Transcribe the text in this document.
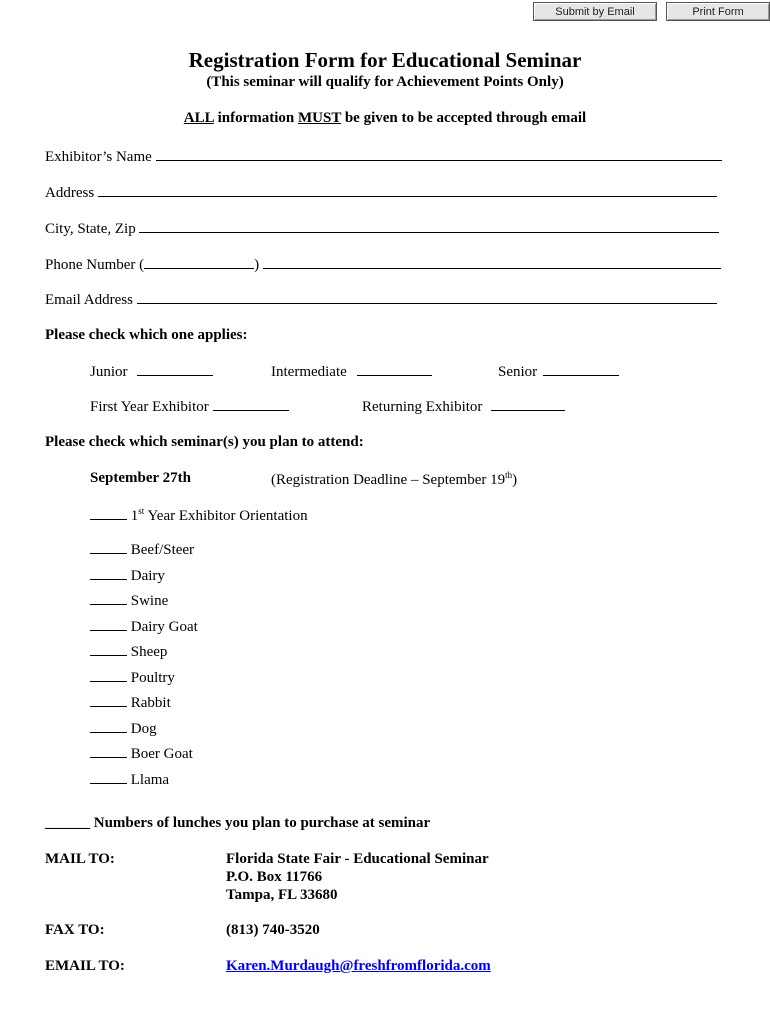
Submit by Email	Print Form
Registration Form for Educational Seminar
(This seminar will qualify for Achievement Points Only)
ALL information MUST be given to be accepted through email
Exhibitor’s Name
Address
City, State, Zip
Phone Number (	)
Email Address
Please check which one applies:
Junior	Intermediate	Senior
First Year Exhibitor	Returning Exhibitor
Please check which seminar(s) you plan to attend:
September 27th	(Registration Deadline – September 19th)
1st Year Exhibitor Orientation
Beef/Steer
Dairy
Swine
Dairy Goat
Sheep
Poultry
Rabbit
Dog
Boer Goat
Llama
______ Numbers of lunches you plan to purchase at seminar
MAIL TO:	Florida State Fair - Educational Seminar
P.O. Box 11766
Tampa, FL 33680
FAX TO:	(813) 740-3520
EMAIL TO:	Karen.Murdaugh@freshfromflorida.com
